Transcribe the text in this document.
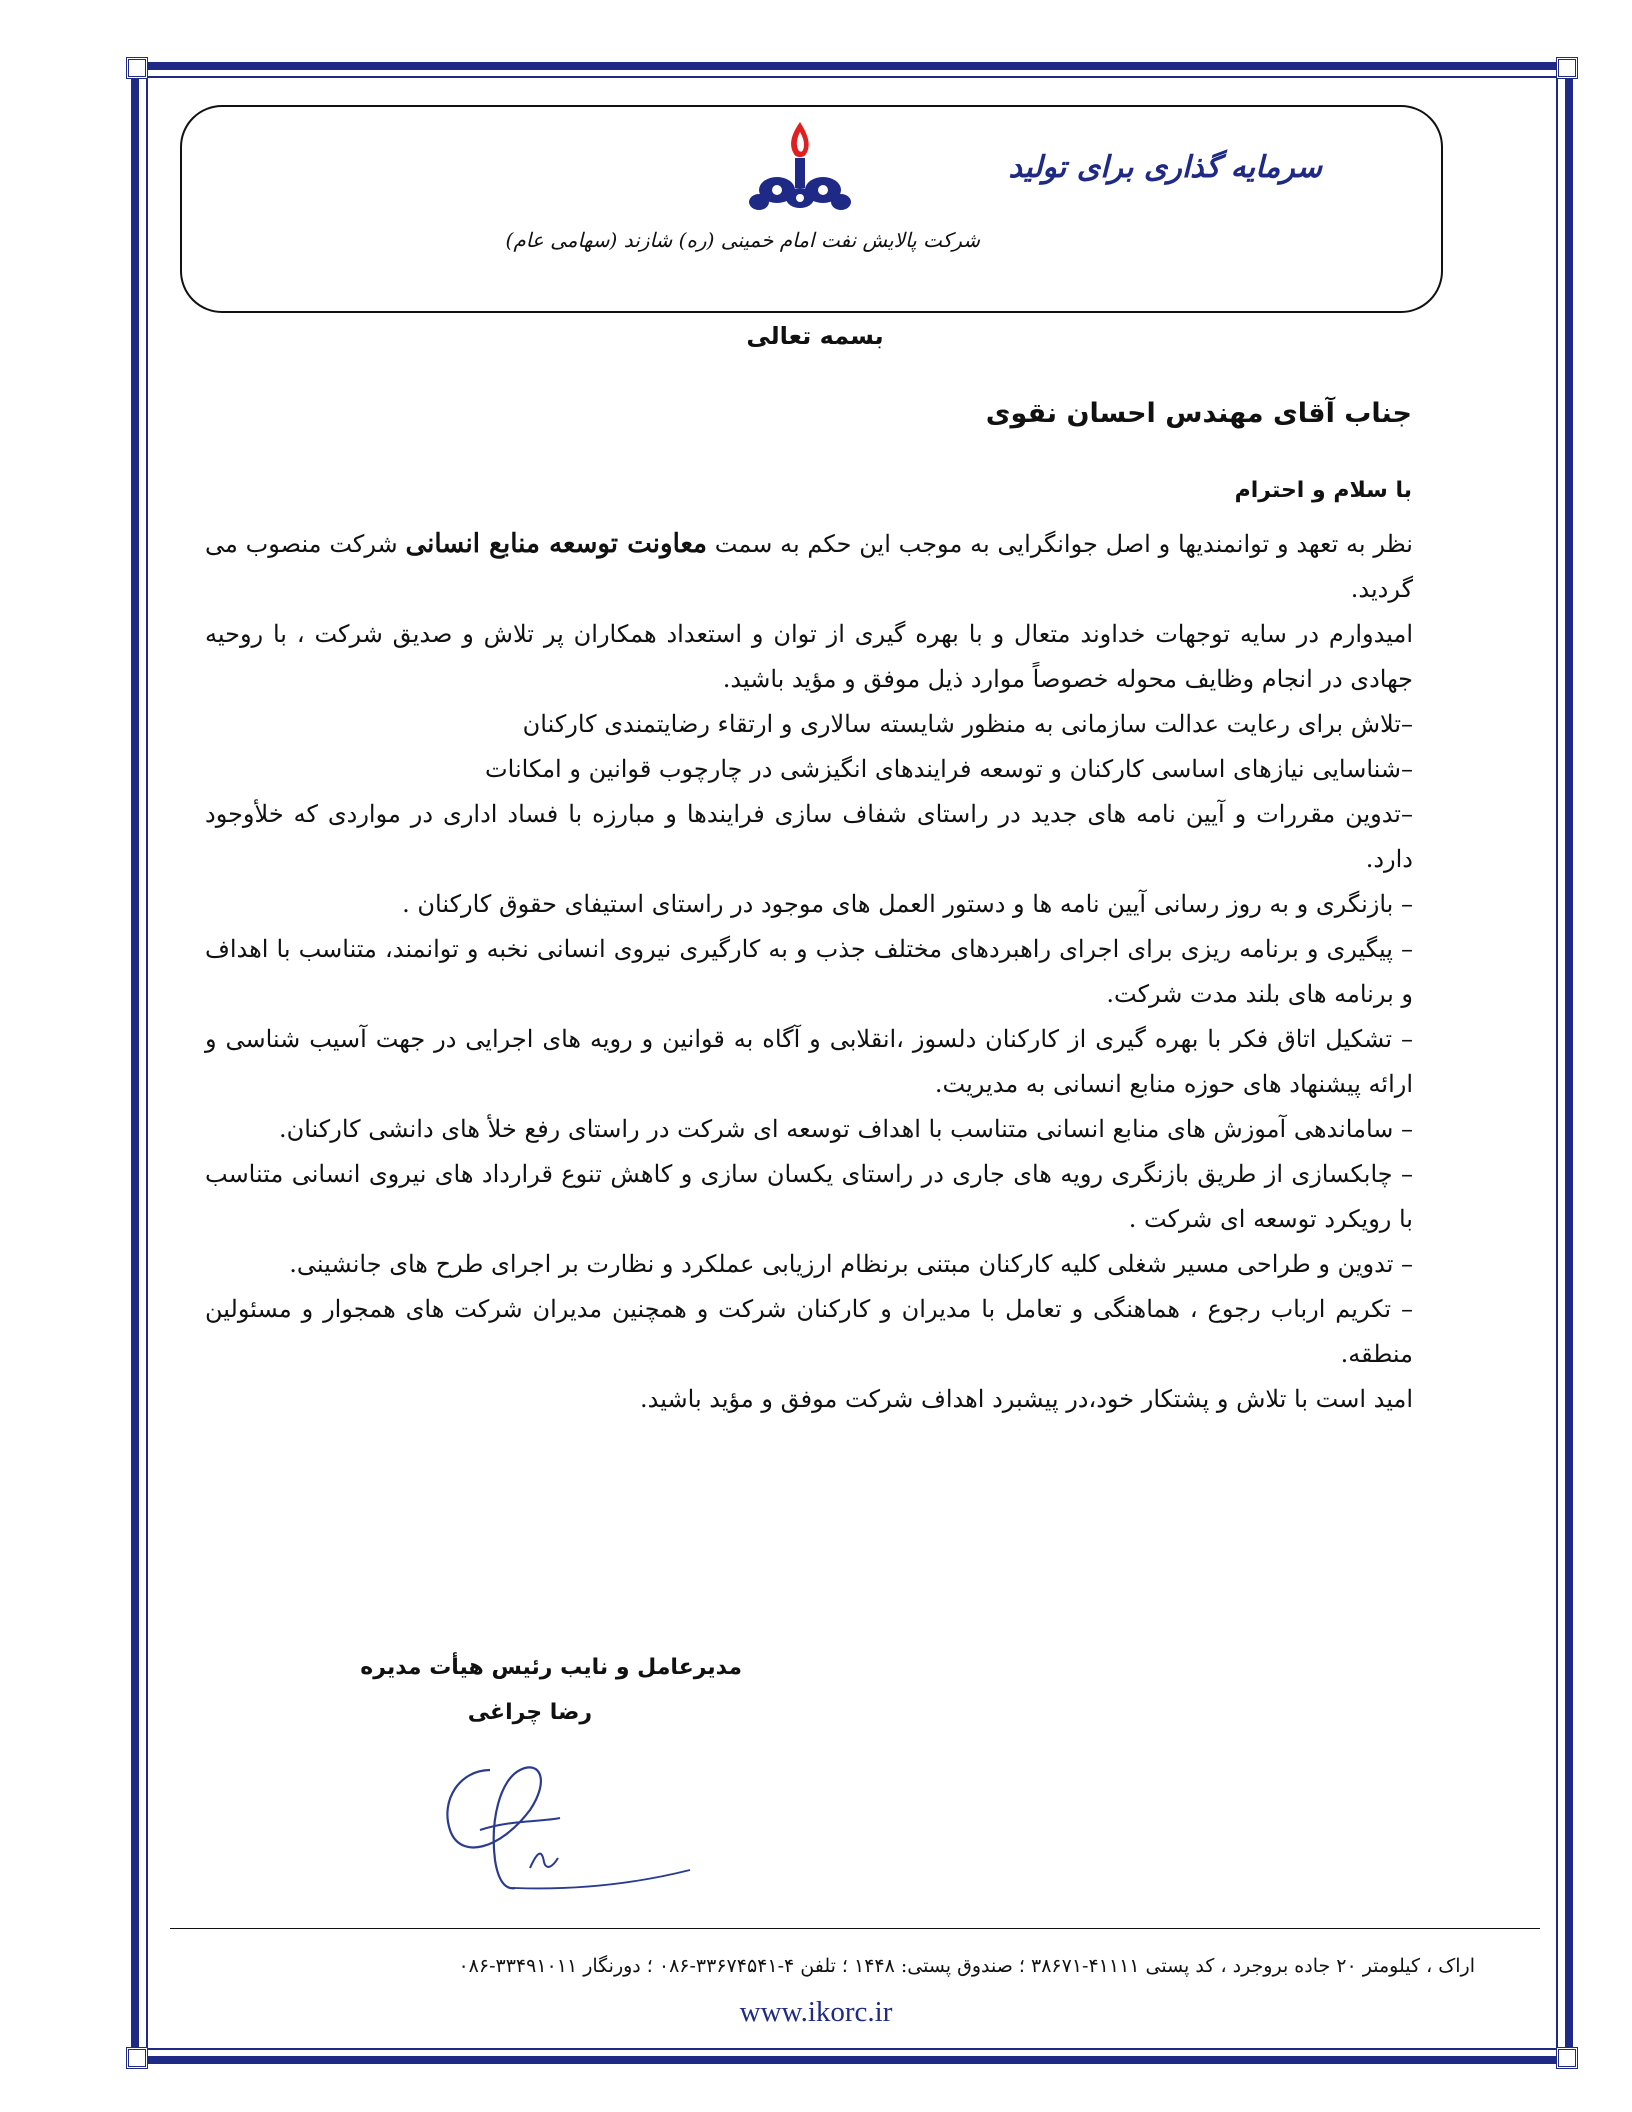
سرمایه گذاری برای تولید
شرکت پالایش نفت امام خمینی (ره) شازند (سهامی عام)
بسمه تعالی
جناب آقای مهندس احسان نقوی
با سلام و احترام

نظر به تعهد و توانمندیها و اصل جوانگرایی به موجب این حکم به سمت معاونت توسعه منابع انسانی شرکت منصوب می گردید.

امیدوارم در سایه توجهات خداوند متعال و با بهره گیری از توان و استعداد همکاران پر تلاش و صدیق شرکت ، با روحیه جهادی در انجام وظایف محوله خصوصاً موارد ذیل موفق و مؤید باشید.

–تلاش برای رعایت عدالت سازمانی به منظور شایسته سالاری و ارتقاء رضایتمندی کارکنان

–شناسایی نیازهای اساسی کارکنان و توسعه فرایندهای انگیزشی در چارچوب قوانین و امکانات

–تدوین مقررات و آیین نامه های جدید در راستای شفاف سازی فرایندها و مبارزه با فساد اداری در مواردی که خلأوجود دارد.

– بازنگری و به روز رسانی آیین نامه ها و دستور العمل های موجود در راستای استیفای حقوق کارکنان .

– پیگیری و برنامه ریزی برای اجرای راهبردهای مختلف جذب و به کارگیری نیروی انسانی نخبه و توانمند، متناسب با اهداف و برنامه های بلند مدت شرکت.

– تشکیل اتاق فکر با بهره گیری از کارکنان دلسوز ،انقلابی و آگاه به قوانین و رویه های اجرایی در جهت آسیب شناسی و ارائه پیشنهاد های حوزه منابع انسانی به مدیریت.

– ساماندهی آموزش های منابع انسانی متناسب با اهداف توسعه ای شرکت در راستای رفع خلأ های دانشی کارکنان.

– چابکسازی از طریق بازنگری رویه های جاری در راستای یکسان سازی و کاهش تنوع قرارداد های نیروی انسانی متناسب با رویکرد توسعه ای شرکت .

– تدوین و طراحی مسیر شغلی کلیه کارکنان مبتنی برنظام ارزیابی عملکرد و نظارت بر اجرای طرح های جانشینی.

– تکریم ارباب رجوع ، هماهنگی و تعامل با مدیران و کارکنان شرکت و همچنین مدیران شرکت های همجوار و مسئولین منطقه.

امید است با تلاش و پشتکار خود،در پیشبرد اهداف شرکت موفق و مؤید باشید.

مدیرعامل و نایب رئیس هیأت مدیره
رضا چراغی
اراک ، کیلومتر ۲۰ جاده بروجرد ، کد پستی ۴۱۱۱۱-۳۸۶۷۱ ؛ صندوق پستی: ۱۴۴۸ ؛ تلفن ۴-۳۳۶۷۴۵۴۱-۰۸۶ ؛ دورنگار ۳۳۴۹۱۰۱۱-۰۸۶
www.ikorc.ir
